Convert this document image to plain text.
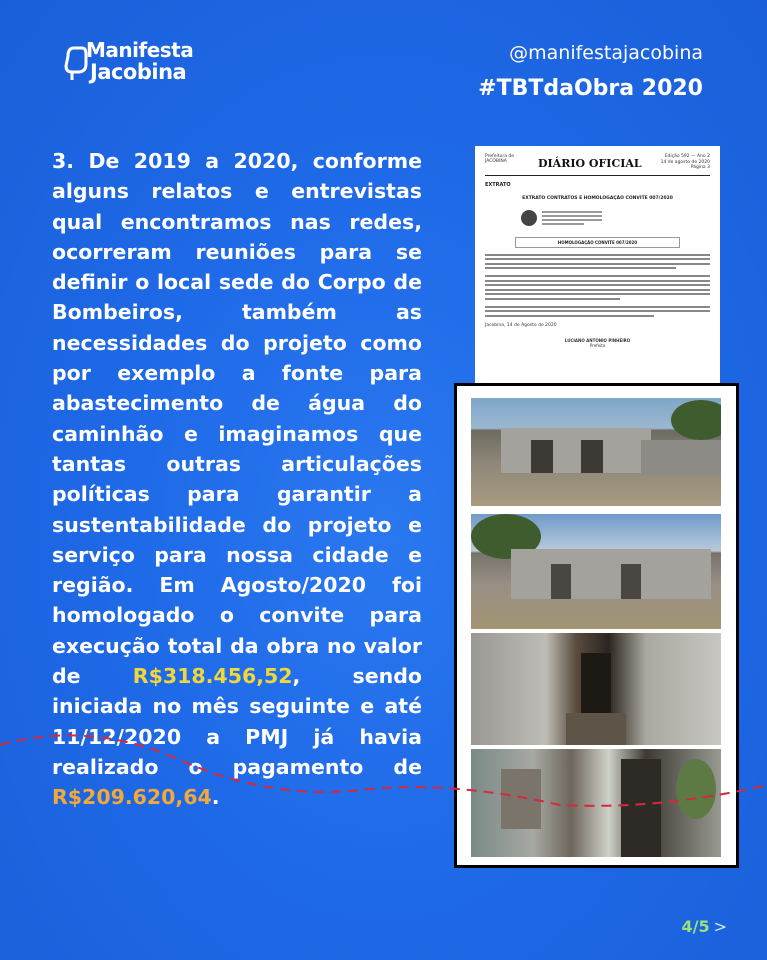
Manifesta
Jacobina
@manifestajacobina
#TBTdaObra 2020

3. De 2019 a 2020, conforme alguns relatos e entrevistas qual encontramos nas redes, ocorreram reuniões para se definir o local sede do Corpo de Bombeiros, também as necessidades do projeto como por exemplo a fonte para abastecimento de água do caminhão e imaginamos que tantas outras articulações políticas para garantir a sustentabilidade do projeto e serviço para nossa cidade e região. Em Agosto/2020 foi homologado o convite para execução total da obra no valor de R$318.456,52, sendo iniciada no mês seguinte e até 11/12/2020 a PMJ já havia realizado o pagamento de R$209.620,64.

Prefeitura de JACOBINA	DIÁRIO OFICIAL
Edição 592 — Ano 2
14 de agosto de 2020
Página 3
EXTRATO
EXTRATO CONTRATOS E HOMOLOGAÇÃO CONVITE 007/2020
HOMOLOGAÇÃO CONVITE 007/2020
Jacobina, 14 de Agosto de 2020
LUCIANO ANTONIO PINHEIRO
Prefeito
4/5 >
